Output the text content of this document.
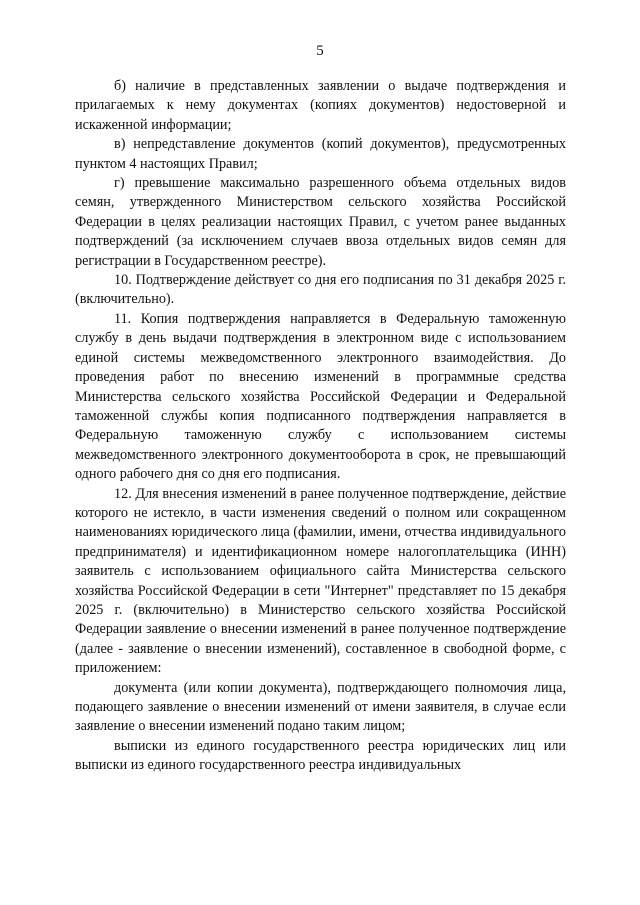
5

б) наличие в представленных заявлении о выдаче подтверждения и прилагаемых к нему документах (копиях документов) недостоверной и искаженной информации;

в) непредставление документов (копий документов), предусмотренных пунктом 4 настоящих Правил;

г) превышение максимально разрешенного объема отдельных видов семян, утвержденного Министерством сельского хозяйства Российской Федерации в целях реализации настоящих Правил, с учетом ранее выданных подтверждений (за исключением случаев ввоза отдельных видов семян для регистрации в Государственном реестре).

10. Подтверждение действует со дня его подписания по 31 декабря 2025 г. (включительно).

11. Копия подтверждения направляется в Федеральную таможенную службу в день выдачи подтверждения в электронном виде с использованием единой системы межведомственного электронного взаимодействия. До проведения работ по внесению изменений в программные средства Министерства сельского хозяйства Российской Федерации и Федеральной таможенной службы копия подписанного подтверждения направляется в Федеральную таможенную службу с использованием системы межведомственного электронного документооборота в срок, не превышающий одного рабочего дня со дня его подписания.

12. Для внесения изменений в ранее полученное подтверждение, действие которого не истекло, в части изменения сведений о полном или сокращенном наименованиях юридического лица (фамилии, имени, отчества индивидуального предпринимателя) и идентификационном номере налогоплательщика (ИНН) заявитель с использованием официального сайта Министерства сельского хозяйства Российской Федерации в сети "Интернет" представляет по 15 декабря 2025 г. (включительно) в Министерство сельского хозяйства Российской Федерации заявление о внесении изменений в ранее полученное подтверждение (далее - заявление о внесении изменений), составленное в свободной форме, с приложением:

документа (или копии документа), подтверждающего полномочия лица, подающего заявление о внесении изменений от имени заявителя, в случае если заявление о внесении изменений подано таким лицом;

выписки из единого государственного реестра юридических лиц или выписки из единого государственного реестра индивидуальных
